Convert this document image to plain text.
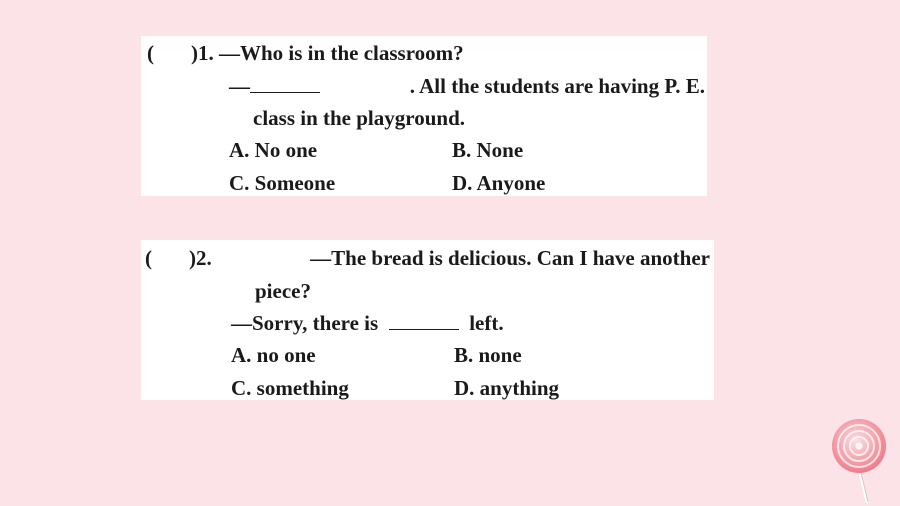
( )1. —Who is in the classroom?
—	. All the students are having P. E.
class in the playground.
A. No one	B. None
C. Someone	D. Anyone
(	) 2.	—The bread is delicious. Can I have another
piece?
—Sorry, there is	left.
A. no one	B. none
C. something	D. anything
